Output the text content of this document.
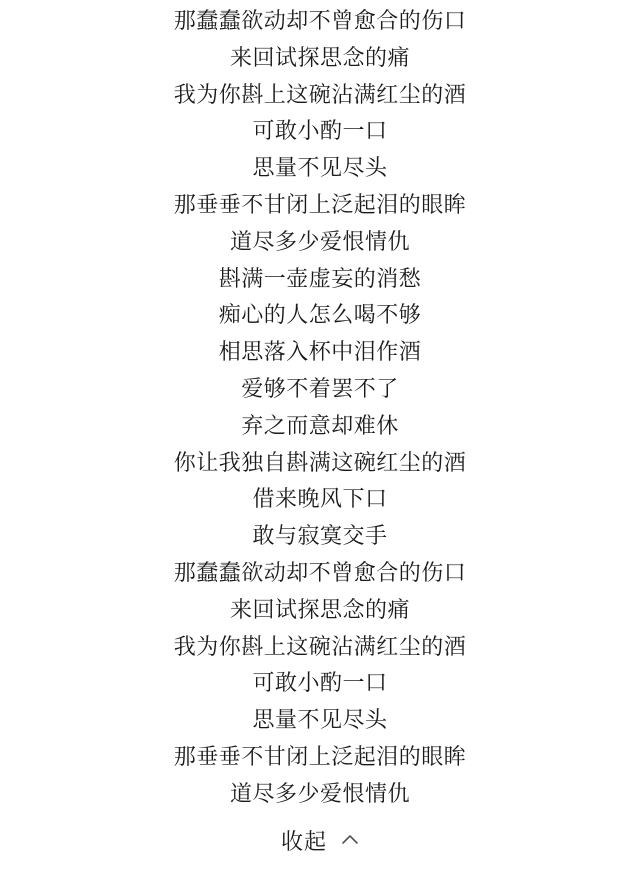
那蠢蠢欲动却不曾愈合的伤口
来回试探思念的痛
我为你斟上这碗沾满红尘的酒
可敢小酌一口
思量不见尽头
那垂垂不甘闭上泛起泪的眼眸
道尽多少爱恨情仇
斟满一壶虚妄的消愁
痴心的人怎么喝不够
相思落入杯中泪作酒
爱够不着罢不了
弃之而意却难休
你让我独自斟满这碗红尘的酒
借来晚风下口
敢与寂寞交手
那蠢蠢欲动却不曾愈合的伤口
来回试探思念的痛
我为你斟上这碗沾满红尘的酒
可敢小酌一口
思量不见尽头
那垂垂不甘闭上泛起泪的眼眸
道尽多少爱恨情仇
收起
